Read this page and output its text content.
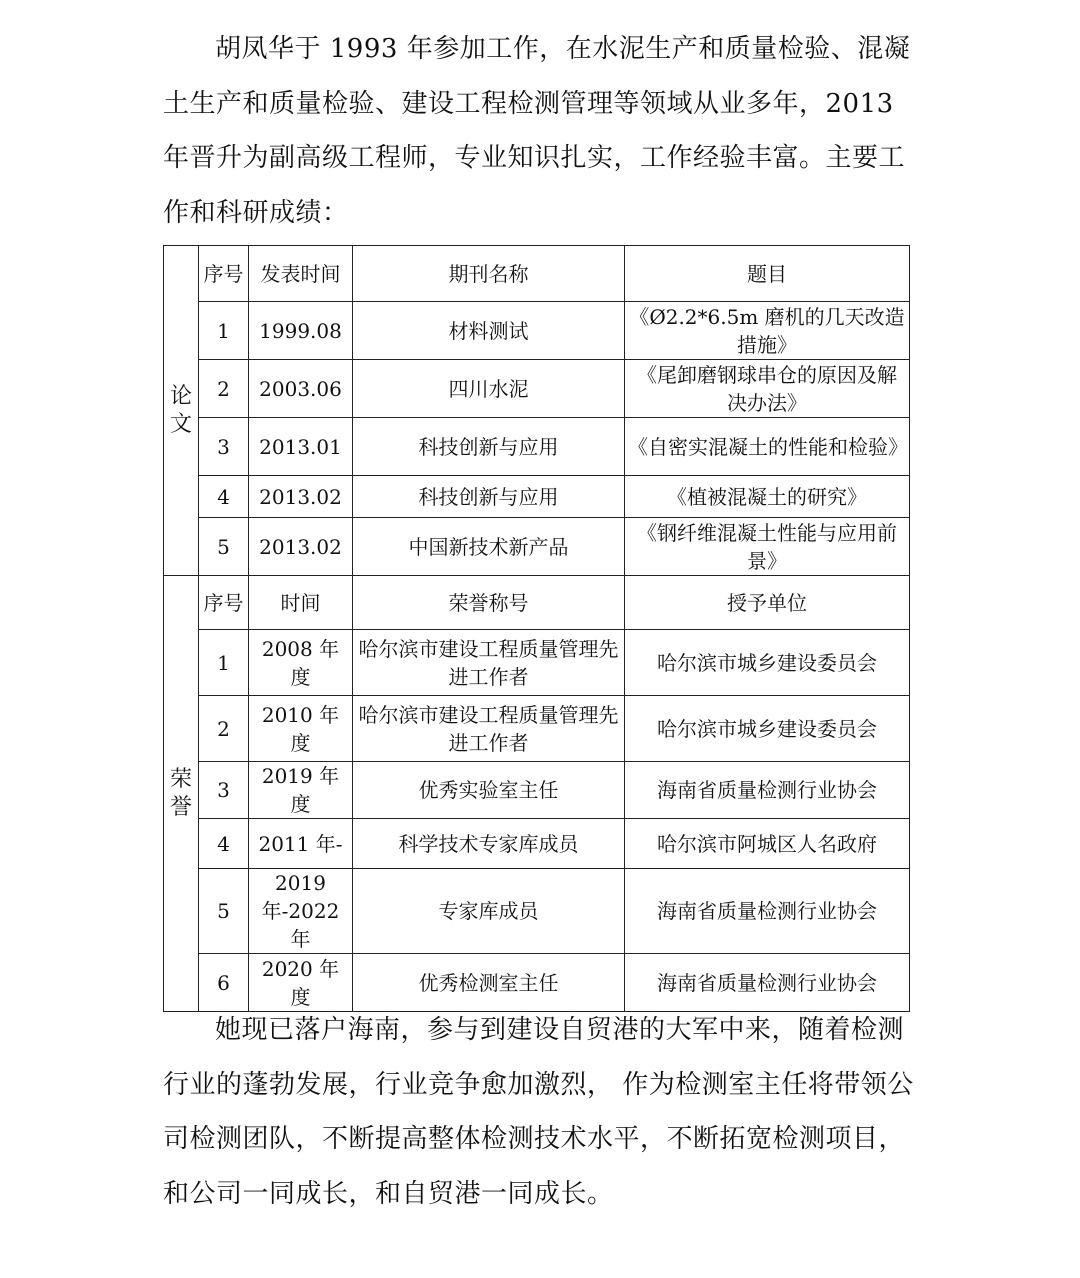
胡凤华于 1993 年参加工作，在水泥生产和质量检验、混凝土生产和质量检验、建设工程检测管理等领域从业多年，2013 年晋升为副高级工程师，专业知识扎实，工作经验丰富。主要工作和科研成绩：

论
文	序号	发表时间	期刊名称	题目
	1	1999.08	材料测试	《Ø2.2*6.5m 磨机的几天改造措施》
	2	2003.06	四川水泥	《尾卸磨钢球串仓的原因及解决办法》
	3	2013.01	科技创新与应用	《自密实混凝土的性能和检验》
	4	2013.02	科技创新与应用	《植被混凝土的研究》
	5	2013.02	中国新技术新产品	《钢纤维混凝土性能与应用前景》

荣
誉	序号	时间	荣誉称号	授予单位
	1	2008 年度	哈尔滨市建设工程质量管理先进工作者	哈尔滨市城乡建设委员会
	2	2010 年度	哈尔滨市建设工程质量管理先进工作者	哈尔滨市城乡建设委员会
	3	2019 年度	优秀实验室主任	海南省质量检测行业协会
	4	2011 年-	科学技术专家库成员	哈尔滨市阿城区人名政府
	5	2019 年-2022 年	专家库成员	海南省质量检测行业协会
	6	2020 年度	优秀检测室主任	海南省质量检测行业协会

她现已落户海南，参与到建设自贸港的大军中来，随着检测行业的蓬勃发展，行业竞争愈加激烈， 作为检测室主任将带领公司检测团队，不断提高整体检测技术水平，不断拓宽检测项目，和公司一同成长，和自贸港一同成长。
